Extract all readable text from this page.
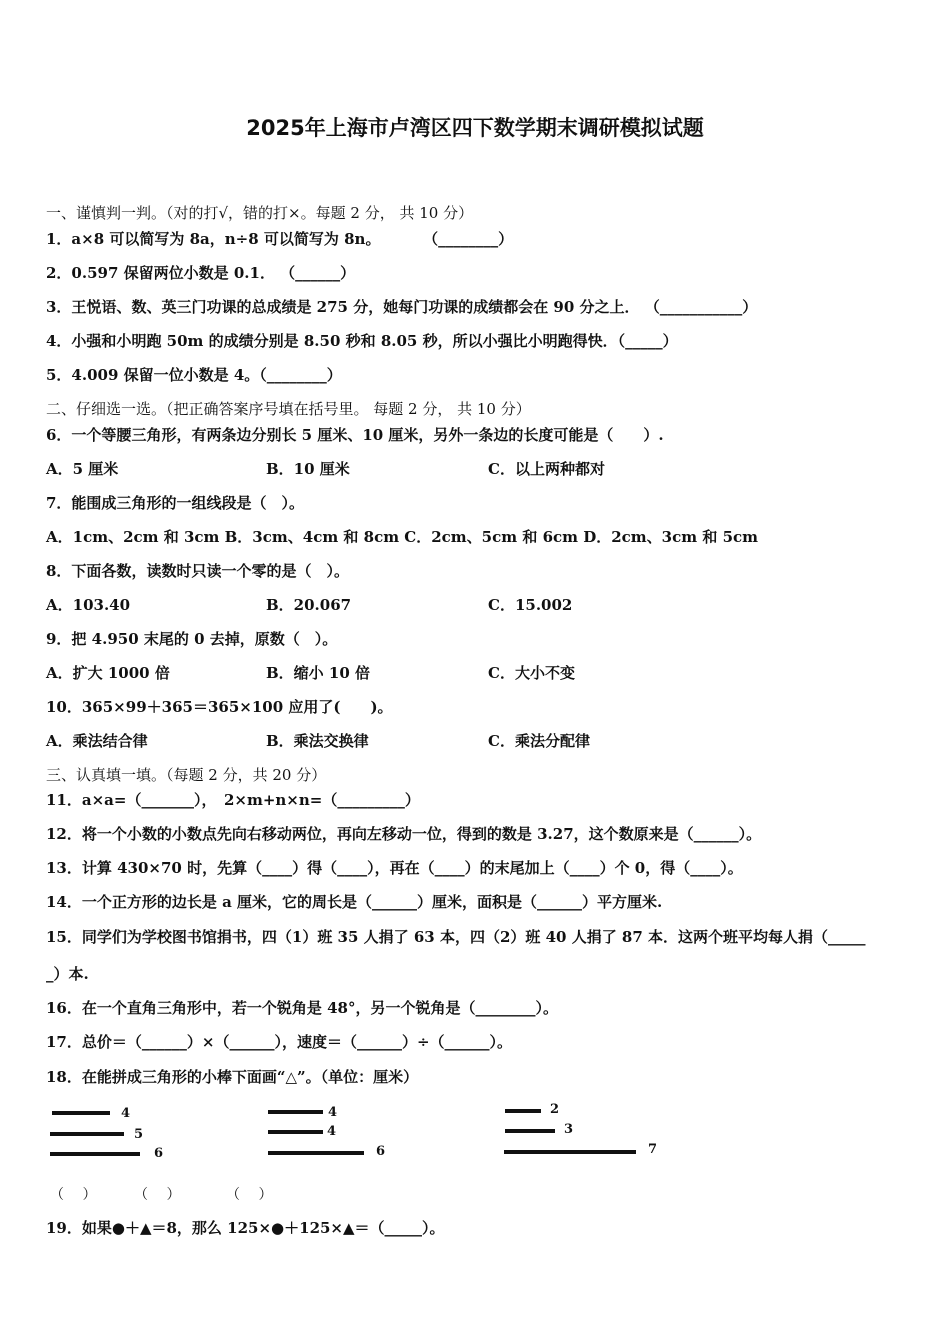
2025年上海市卢湾区四下数学期末调研模拟试题
一、谨慎判一判。（对的打√，错的打×。每题 2 分， 共 10 分）
1．a×8 可以简写为 8a，n÷8 可以简写为 8n。　　　 （________）
2．0.597 保留两位小数是 0.1． （______）
3．王悦语、数、英三门功课的总成绩是 275 分，她每门功课的成绩都会在 90 分之上． （___________）
4．小强和小明跑 50m 的成绩分别是 8.50 秒和 8.05 秒，所以小强比小明跑得快．（_____）
5．4.009 保留一位小数是 4。（________）
二、仔细选一选。（把正确答案序号填在括号里。 每题 2 分， 共 10 分）
6．一个等腰三角形，有两条边分别长 5 厘米、10 厘米，另外一条边的长度可能是（　　）.
A．5 厘米	B．10 厘米	C．以上两种都对
7．能围成三角形的一组线段是（　）。
A．1cm、2cm 和 3cm B．3cm、4cm 和 8cm C．2cm、5cm 和 6cm D．2cm、3cm 和 5cm
8．下面各数，读数时只读一个零的是（　）。
A．103.40	B．20.067	C．15.002
9．把 4.950 末尾的 0 去掉，原数（　）。
A．扩大 1000 倍	B．缩小 10 倍	C．大小不变
10．365×99＋365＝365×100 应用了(　　)。
A．乘法结合律	B．乘法交换律	C．乘法分配律
三、认真填一填。（每题 2 分，共 20 分）
11．a×a=（_______），　2×m+n×n=（_________）
12．将一个小数的小数点先向右移动两位，再向左移动一位，得到的数是 3.27，这个数原来是（______）。
13．计算 430×70 时，先算（____）得（____），再在（____）的末尾加上（____）个 0，得（____）。
14．一个正方形的边长是 a 厘米，它的周长是（______）厘米，面积是（______）平方厘米.
15．同学们为学校图书馆捐书，四（1）班 35 人捐了 63 本，四（2）班 40 人捐了 87 本．这两个班平均每人捐（_____
_）本.
16．在一个直角三角形中，若一个锐角是 48°，另一个锐角是（________）。
17．总价＝（______）×（______），速度＝（______）÷（______）。
18．在能拼成三角形的小棒下面画“△”。（单位：厘米）
4
5
6
4
4
6
2
3
7
（　 ）	（　 ）	（　 ）
19．如果●＋▲＝8，那么 125×●＋125×▲＝（_____）。
